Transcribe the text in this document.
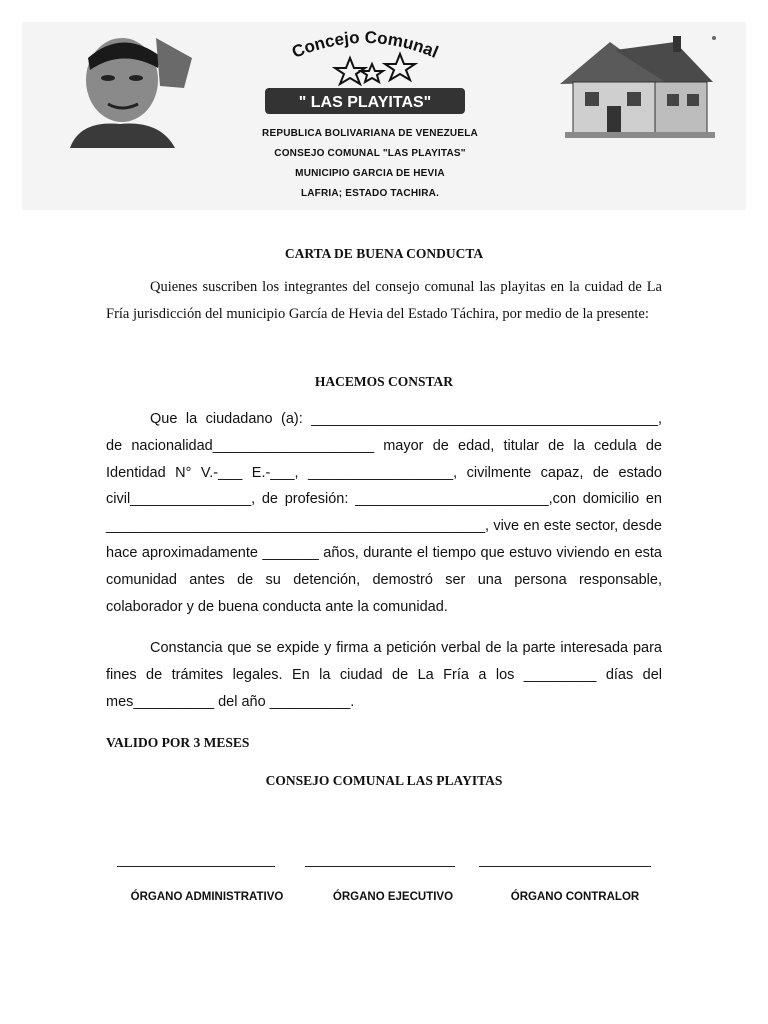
Concejo Comunal
" LAS PLAYITAS"
REPUBLICA BOLIVARIANA DE VENEZUELA
CONSEJO COMUNAL "LAS PLAYITAS"
MUNICIPIO GARCIA DE HEVIA
LAFRIA; ESTADO TACHIRA.
CARTA DE BUENA CONDUCTA

Quienes suscriben los integrantes del consejo comunal las playitas en la cuidad de La Fría jurisdicción del municipio García de Hevia del Estado Táchira, por medio de la presente:

HACEMOS CONSTAR

Que la ciudadano (a): ___________________________________________, de nacionalidad____________________ mayor de edad, titular de la cedula de Identidad N° V.-___ E.-___, __________________, civilmente capaz, de estado civil_______________, de profesión: ________________________,con domicilio en _______________________________________________, vive en este sector, desde hace aproximadamente _______ años, durante el tiempo que estuvo viviendo en esta comunidad antes de su detención, demostró ser una persona responsable, colaborador y de buena conducta ante la comunidad.

Constancia que se expide y firma a petición verbal de la parte interesada para fines de trámites legales. En la ciudad de La Fría a los _________ días del mes__________ del año __________.

VALIDO POR 3 MESES
CONSEJO COMUNAL LAS PLAYITAS
ÓRGANO ADMINISTRATIVO	ÓRGANO EJECUTIVO	ÓRGANO CONTRALOR
